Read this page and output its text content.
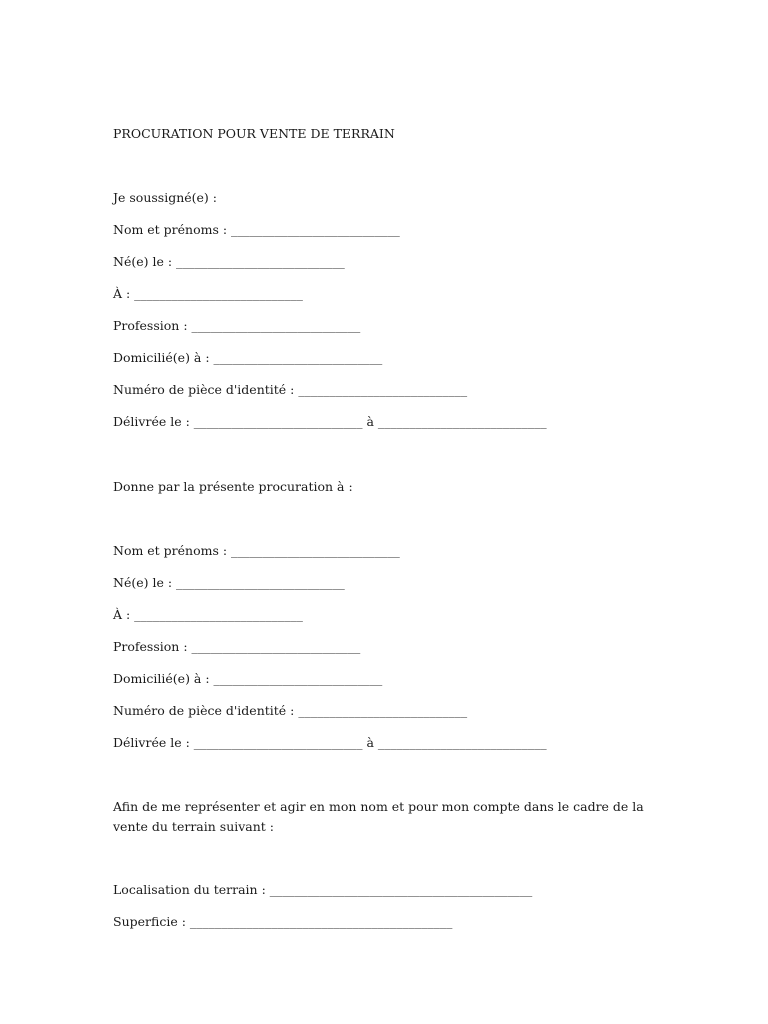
PROCURATION POUR VENTE DE TERRAIN
Je soussigné(e) :
Nom et prénoms : ___________________________
Né(e) le : ___________________________
À : ___________________________
Profession : ___________________________
Domicilié(e) à : ___________________________
Numéro de pièce d'identité : ___________________________
Délivrée le : ___________________________ à ___________________________
Donne par la présente procuration à :
Nom et prénoms : ___________________________
Né(e) le : ___________________________
À : ___________________________
Profession : ___________________________
Domicilié(e) à : ___________________________
Numéro de pièce d'identité : ___________________________
Délivrée le : ___________________________ à ___________________________
Afin de me représenter et agir en mon nom et pour mon compte dans le cadre de la vente du terrain suivant :
Localisation du terrain : __________________________________________
Superficie : __________________________________________
